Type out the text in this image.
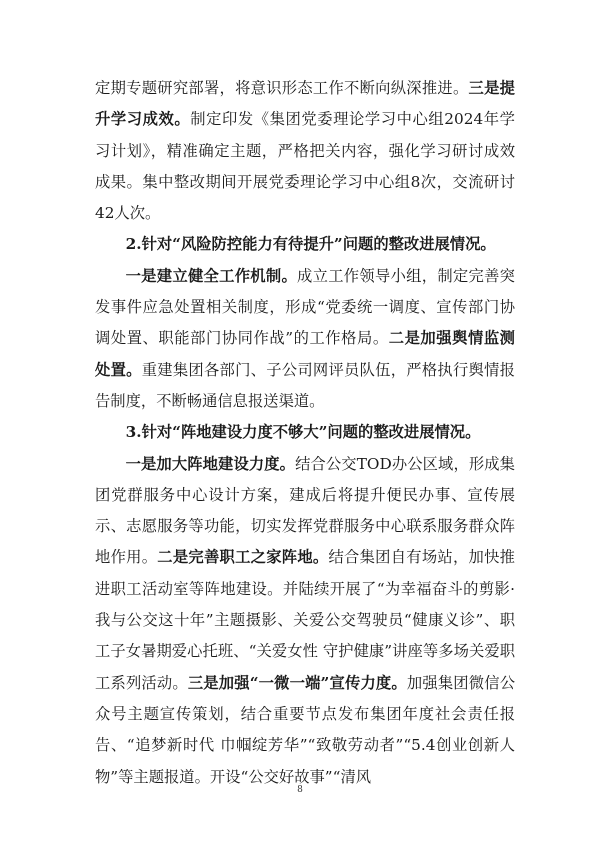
定期专题研究部署，将意识形态工作不断向纵深推进。三是提升学习成效。制定印发《集团党委理论学习中心组2024年学习计划》，精准确定主题，严格把关内容，强化学习研讨成效成果。集中整改期间开展党委理论学习中心组8次，交流研讨42人次。

2.针对“风险防控能力有待提升”问题的整改进展情况。

一是建立健全工作机制。成立工作领导小组，制定完善突发事件应急处置相关制度，形成“党委统一调度、宣传部门协调处置、职能部门协同作战”的工作格局。二是加强舆情监测处置。重建集团各部门、子公司网评员队伍，严格执行舆情报告制度，不断畅通信息报送渠道。

3.针对“阵地建设力度不够大”问题的整改进展情况。

一是加大阵地建设力度。结合公交TOD办公区域，形成集团党群服务中心设计方案，建成后将提升便民办事、宣传展示、志愿服务等功能，切实发挥党群服务中心联系服务群众阵地作用。二是完善职工之家阵地。结合集团自有场站，加快推进职工活动室等阵地建设。并陆续开展了“为幸福奋斗的剪影·我与公交这十年”主题摄影、关爱公交驾驶员“健康义诊”、职工子女暑期爱心托班、“关爱女性 守护健康”讲座等多场关爱职工系列活动。三是加强“一微一端”宣传力度。加强集团微信公众号主题宣传策划，结合重要节点发布集团年度社会责任报告、“追梦新时代 巾帼绽芳华”“致敬劳动者”“5.4创业创新人物”等主题报道。开设“公交好故事”“清风

8
